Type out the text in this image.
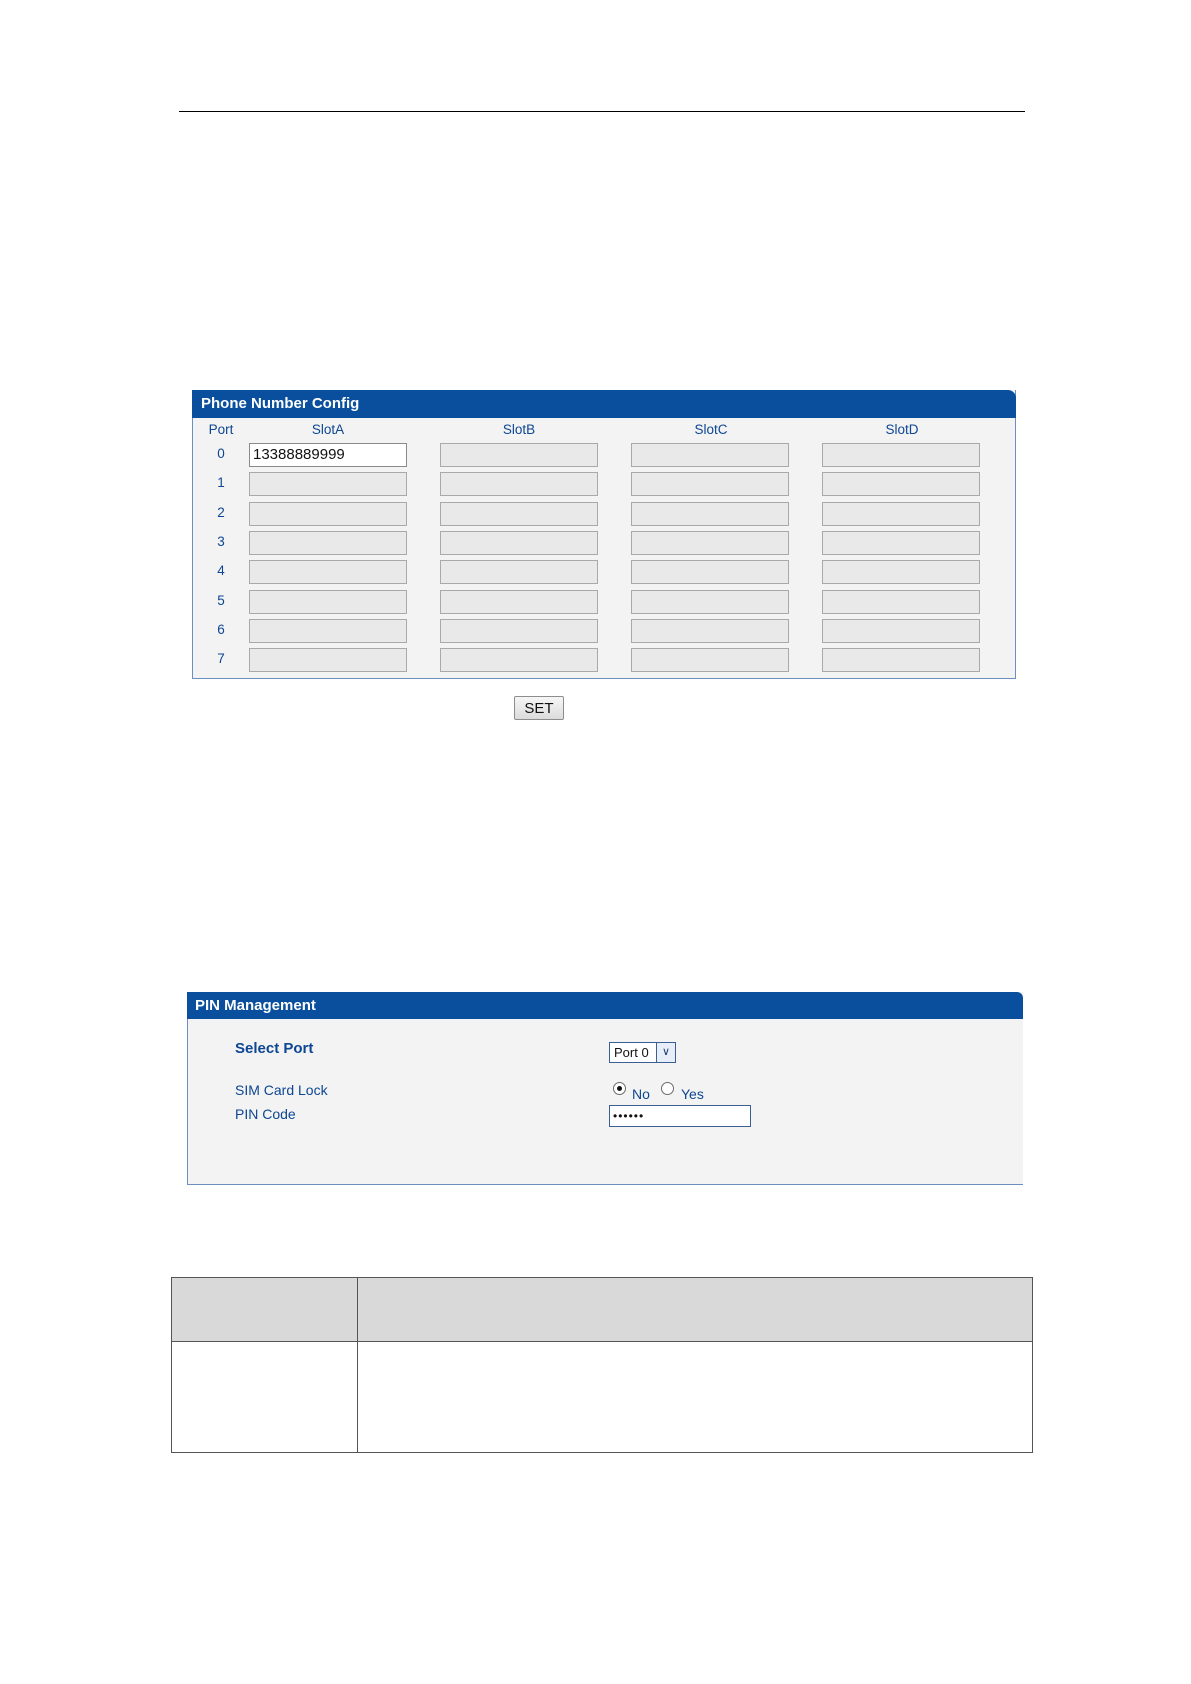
Phone Number Config
Port	SlotA	SlotB	SlotC	SlotD
0	13388889999
1
2
3
4
5
6
7
SET
PIN Management
Select Port	Port 0	∨
SIM Card Lock	No Yes
PIN Code	••••••
